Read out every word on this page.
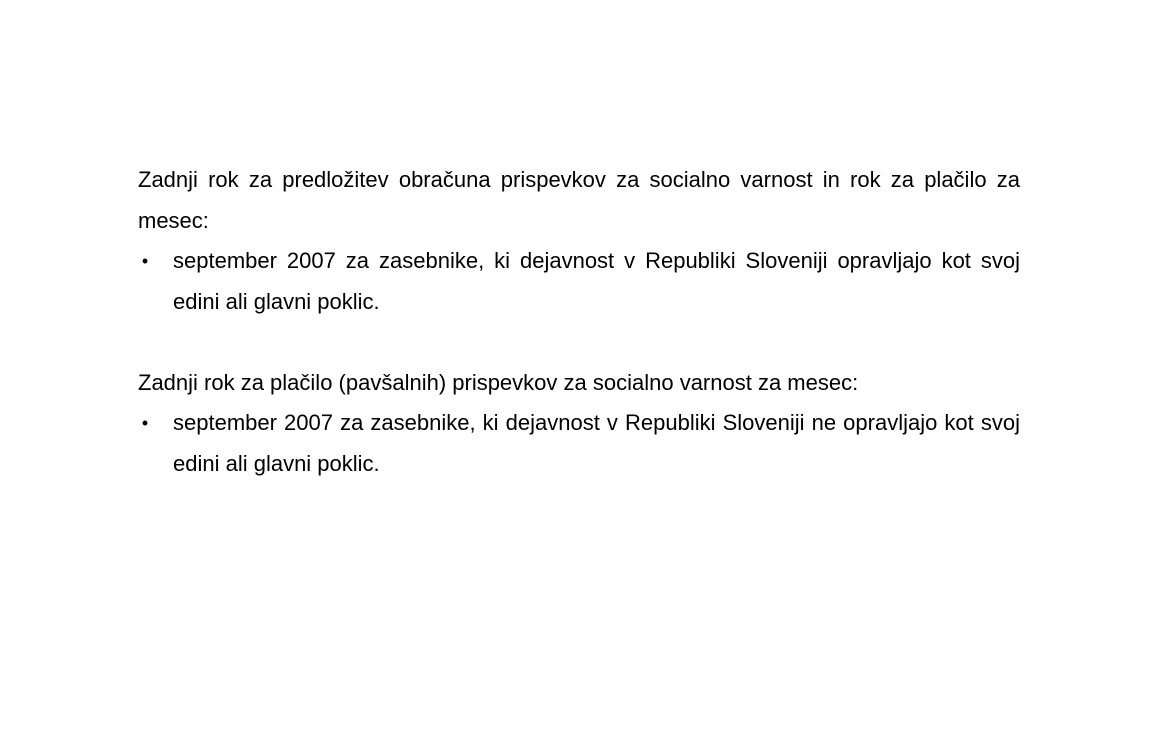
Zadnji rok za predložitev obračuna prispevkov za socialno varnost in rok za plačilo za mesec:

• september 2007 za zasebnike, ki dejavnost v Republiki Sloveniji opravljajo kot svoj edini ali glavni poklic.

Zadnji rok za plačilo (pavšalnih) prispevkov za socialno varnost za mesec:

• september 2007 za zasebnike, ki dejavnost v Republiki Sloveniji ne opravljajo kot svoj edini ali glavni poklic.
